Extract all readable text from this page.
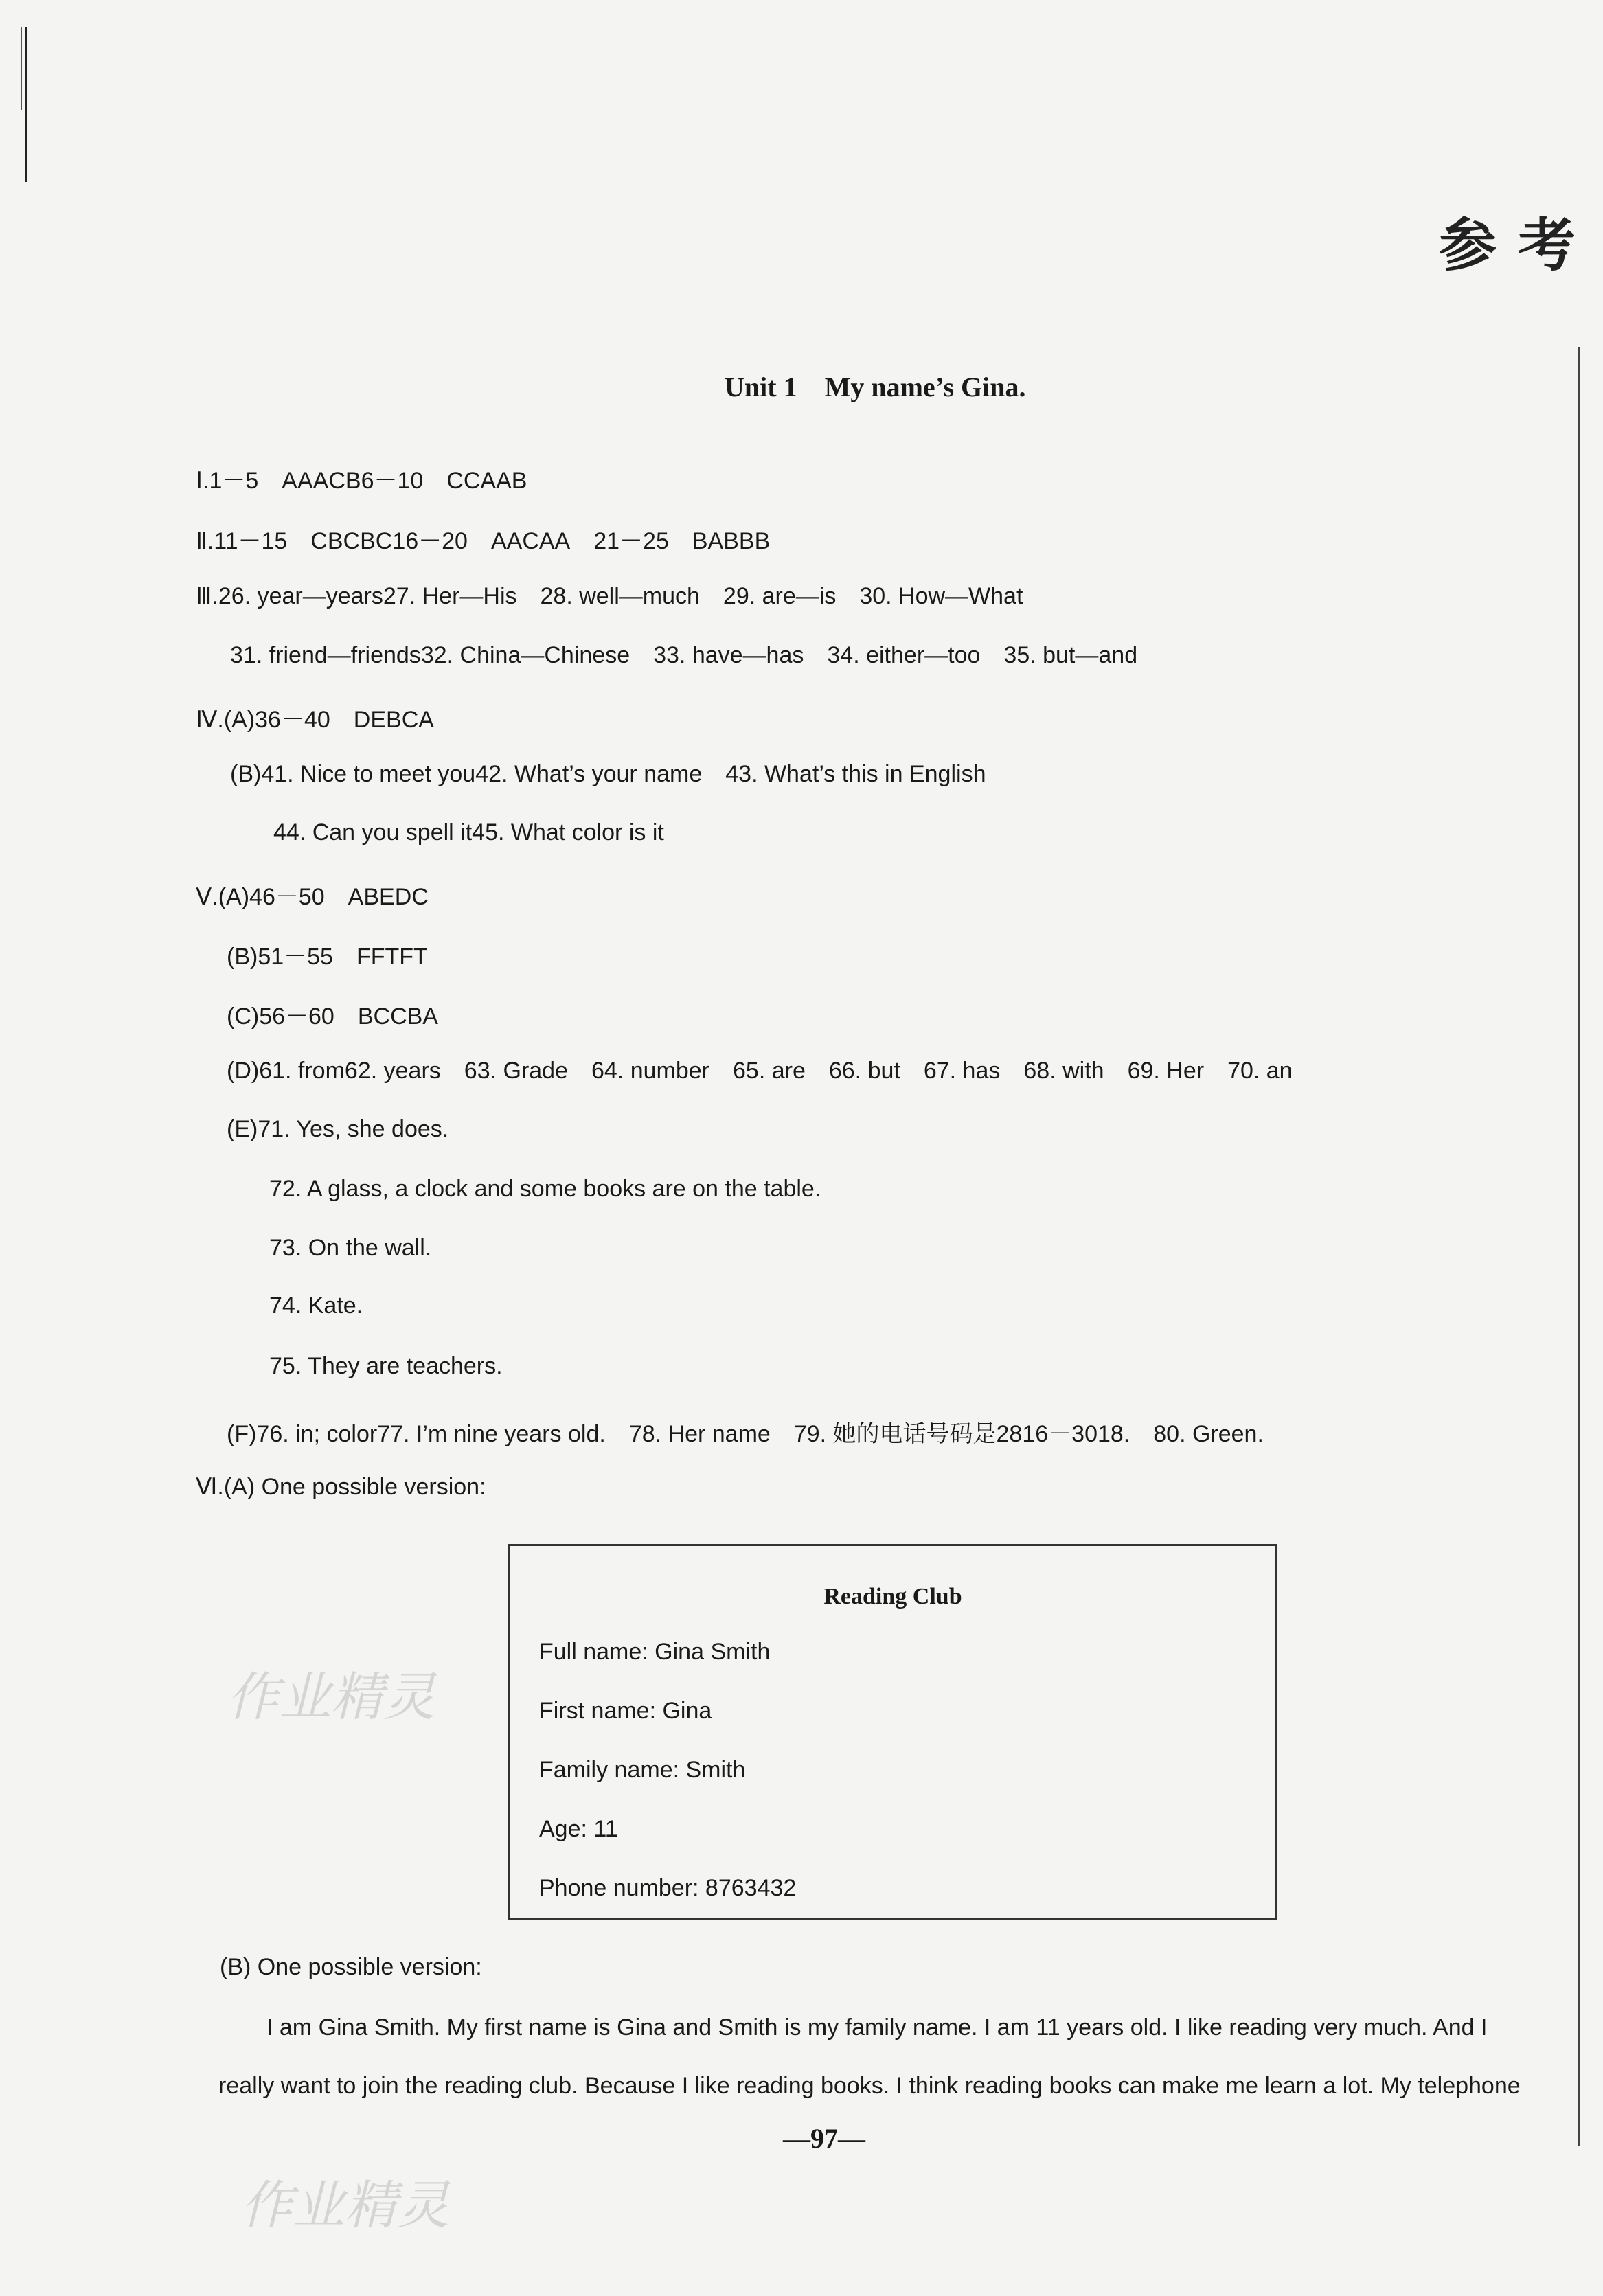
参 考
Unit 1 My name’s Gina.
Ⅰ.1－5　AAACB6－10　CCAAB
Ⅱ.11－15　CBCBC16－20　AACAA 21－25　BABBB
Ⅲ.26. year—years27. Her—His 28. well—much 29. are—is 30. How—What
31. friend—friends32. China—Chinese 33. have—has 34. either—too 35. but—and
Ⅳ.(A)36－40　DEBCA
(B)41. Nice to meet you42. What’s your name 43. What’s this in English
44. Can you spell it45. What color is it
Ⅴ.(A)46－50　ABEDC
(B)51－55　FFTFT
(C)56－60　BCCBA
(D)61. from62. years 63. Grade 64. number 65. are 66. but 67. has 68. with 69. Her 70. an
(E)71. Yes, she does.
72. A glass, a clock and some books are on the table.
73. On the wall.
74. Kate.
75. They are teachers.
(F)76. in; color77. I’m nine years old. 78. Her name 79. 她的电话号码是2816－3018. 80. Green.
Ⅵ.(A) One possible version:
Reading Club
Full name: Gina Smith
First name: Gina
Family name: Smith
Age: 11
Phone number: 8763432
作业精灵
(B) One possible version:
I am Gina Smith. My first name is Gina and Smith is my family name. I am 11 years old. I like reading very much. And I
really want to join the reading club. Because I like reading books. I think reading books can make me learn a lot. My telephone
—97—
作业精灵
